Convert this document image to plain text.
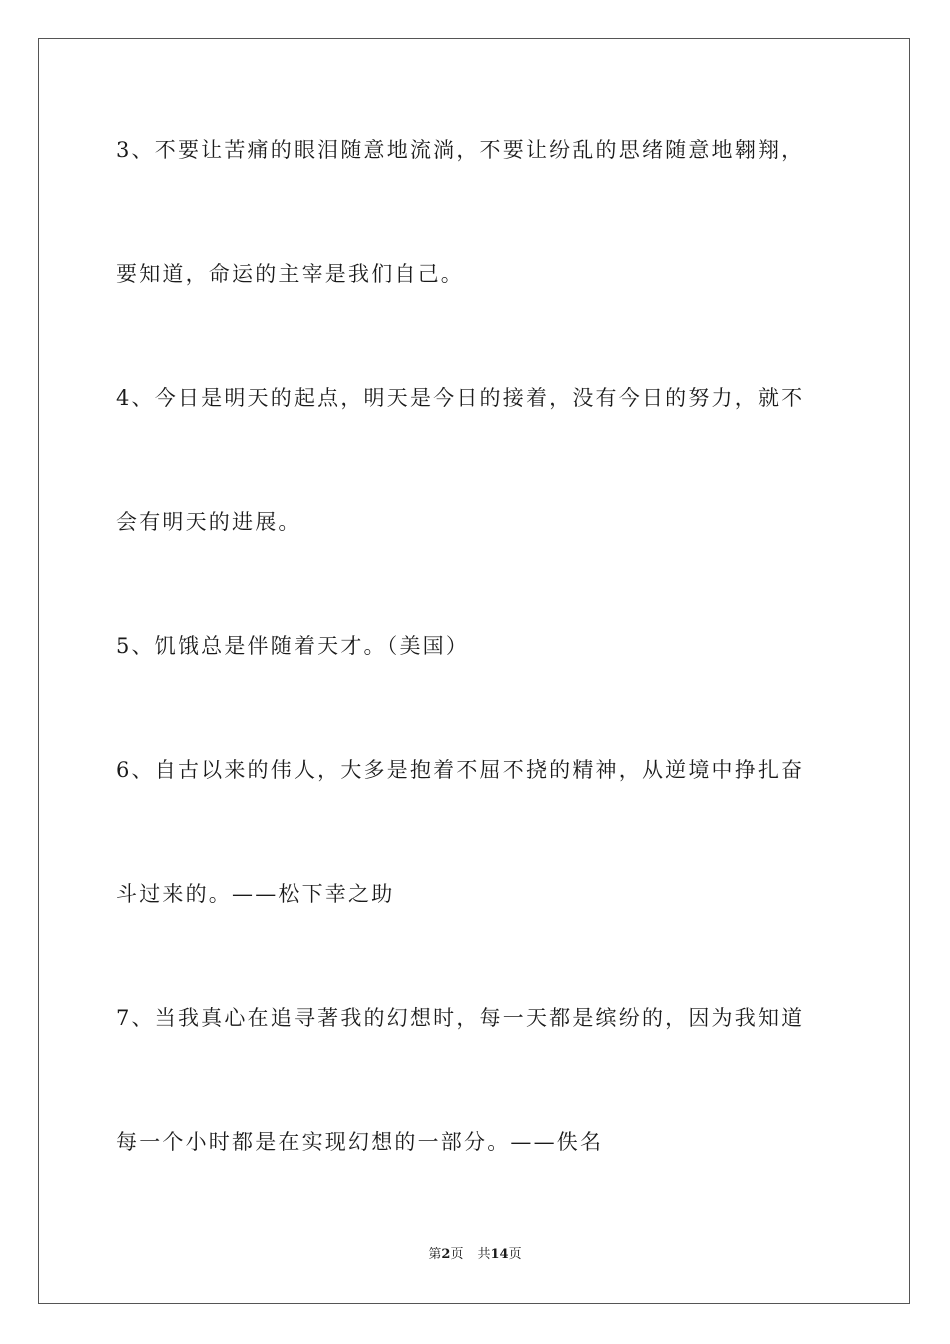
3、不要让苦痛的眼泪随意地流淌，不要让纷乱的思绪随意地翱翔，
要知道，命运的主宰是我们自己。
4、今日是明天的起点，明天是今日的接着，没有今日的努力，就不
会有明天的进展。
5、饥饿总是伴随着天才。（美国）
6、自古以来的伟人，大多是抱着不屈不挠的精神，从逆境中挣扎奋
斗过来的。——松下幸之助
7、当我真心在追寻著我的幻想时，每一天都是缤纷的，因为我知道
每一个小时都是在实现幻想的一部分。——佚名
第2页 共14页
